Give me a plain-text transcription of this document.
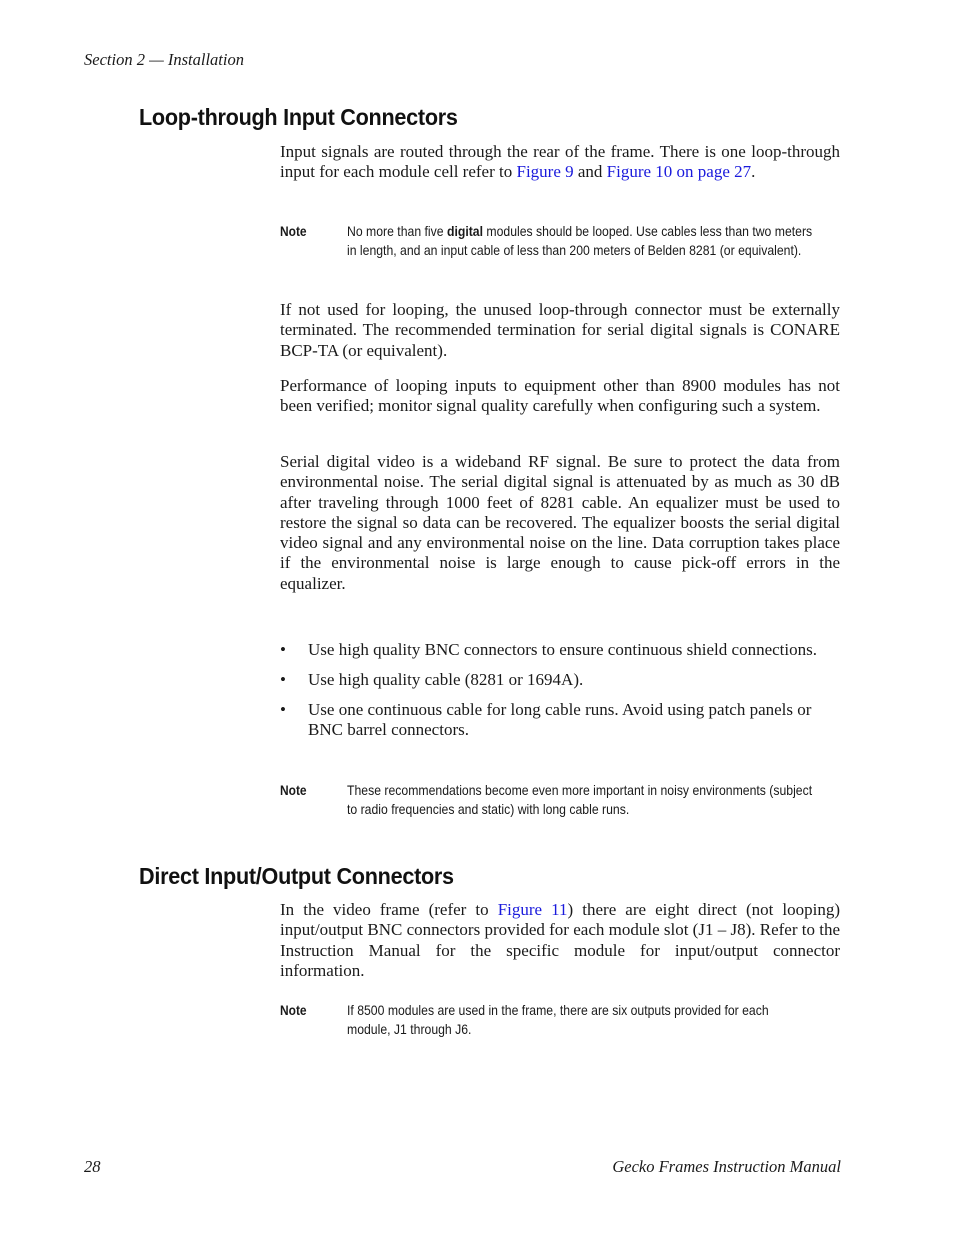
Section 2 — Installation
Loop-through Input Connectors

Input signals are routed through the rear of the frame. There is one loop-through input for each module cell refer to Figure 9 and Figure 10 on page 27.

Note	No more than five digital modules should be looped. Use cables less than two meters in length, and an input cable of less than 200 meters of Belden 8281 (or equivalent).

If not used for looping, the unused loop-through connector must be externally terminated. The recommended termination for serial digital signals is CONARE BCP-TA (or equivalent).

Performance of looping inputs to equipment other than 8900 modules has not been verified; monitor signal quality carefully when configuring such a system.

Serial digital video is a wideband RF signal. Be sure to protect the data from environmental noise. The serial digital signal is attenuated by as much as 30 dB after traveling through 1000 feet of 8281 cable. An equalizer must be used to restore the signal so data can be recovered. The equalizer boosts the serial digital video signal and any environmental noise on the line. Data corruption takes place if the environmental noise is large enough to cause pick-off errors in the equalizer.

• Use high quality BNC connectors to ensure continuous shield connections.
• Use high quality cable (8281 or 1694A).
• Use one continuous cable for long cable runs. Avoid using patch panels or BNC barrel connectors.
Note	These recommendations become even more important in noisy environments (subject to radio frequencies and static) with long cable runs.
Direct Input/Output Connectors

In the video frame (refer to Figure 11) there are eight direct (not looping) input/output BNC connectors provided for each module slot (J1 – J8). Refer to the Instruction Manual for the specific module for input/output connector information.

Note	If 8500 modules are used in the frame, there are six outputs provided for each module, J1 through J6.
28	Gecko Frames Instruction Manual
